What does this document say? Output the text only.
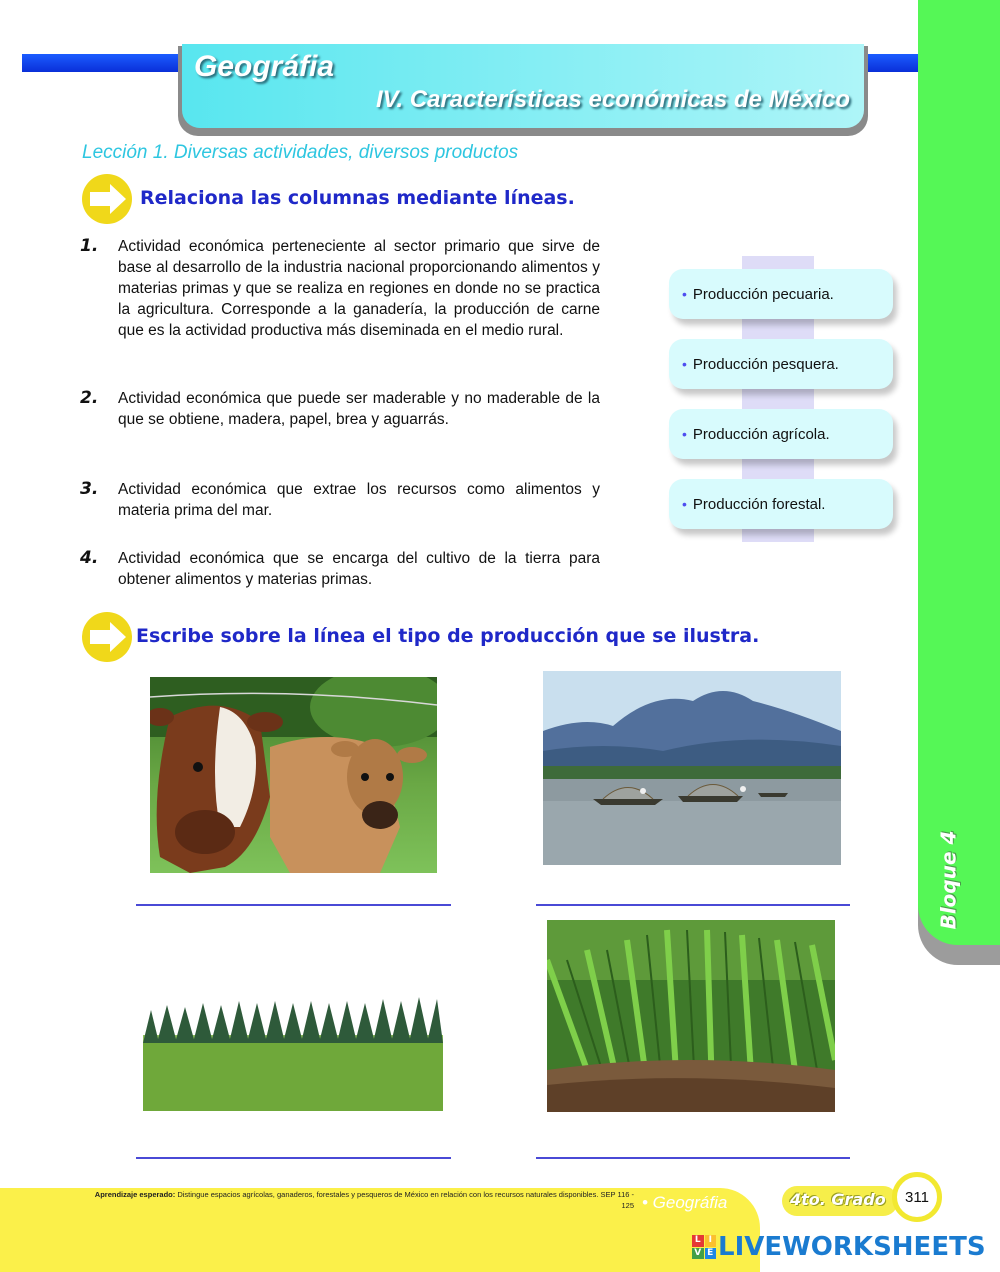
Bloque 4
Geográfia
IV. Características económicas de México
Lección 1. Diversas actividades, diversos productos
Relaciona las columnas mediante líneas.
1. Actividad económica perteneciente al sector primario que sirve de base al desarrollo de la industria nacional proporcionando alimentos y materias primas y que se realiza en regiones en donde no se practica la agricultura. Corresponde a la ganadería, la producción de carne que es la actividad productiva más diseminada en el medio rural.
2. Actividad económica que puede ser maderable y no maderable de la que se obtiene, madera, papel, brea y aguarrás.
3. Actividad económica que extrae los recursos como alimentos y materia prima del mar.
4. Actividad económica que se encarga del cultivo de la tierra para obtener alimentos y materias primas.
• Producción pecuaria.
• Producción pesquera.
• Producción agrícola.
• Producción forestal.
Escribe sobre la línea el tipo de producción que se ilustra.
Aprendizaje esperado: Distingue espacios agrícolas, ganaderos, forestales y pesqueros de México en relación con los recursos naturales disponibles. SEP 116 - 125 • Geográfia	4to. Grado 311
L I
V E LIVEWORKSHEETS
